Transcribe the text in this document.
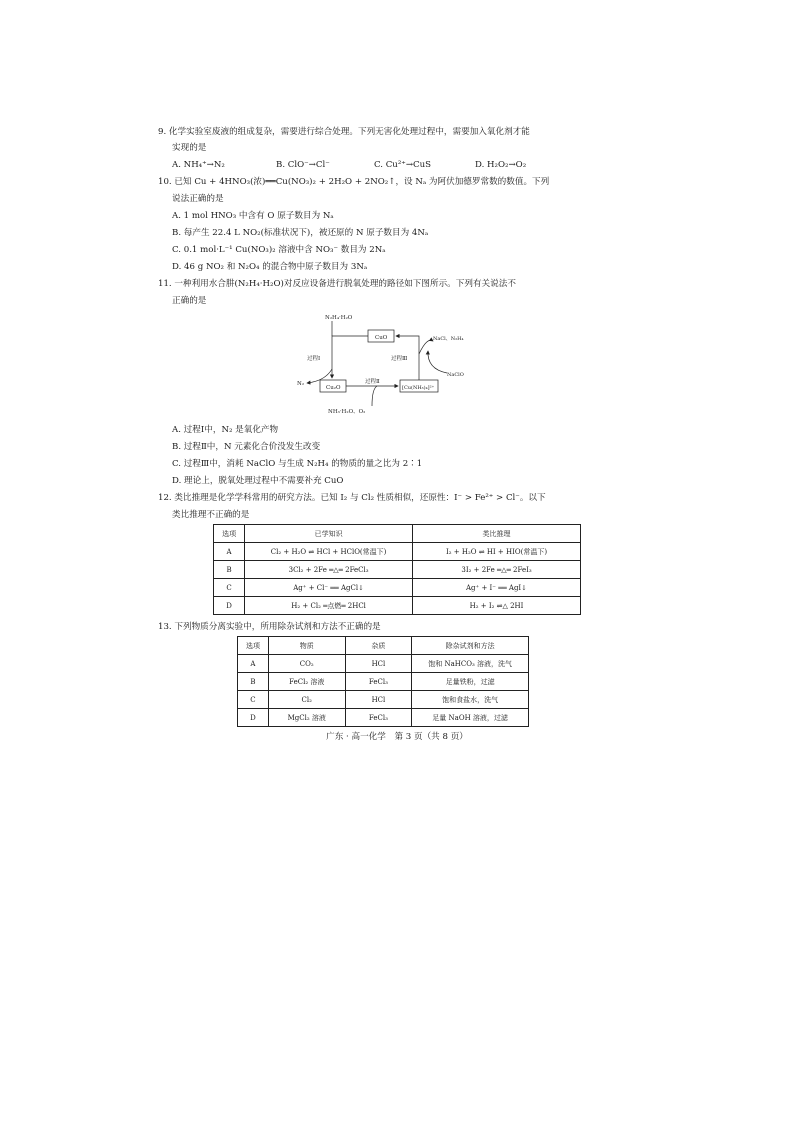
9. 化学实验室废液的组成复杂，需要进行综合处理。下列无害化处理过程中，需要加入氧化剂才能
实现的是
A. NH₄⁺→N₂	B. ClO⁻→Cl⁻	C. Cu²⁺→CuS	D. H₂O₂→O₂
10. 已知 Cu + 4HNO₃(浓)══Cu(NO₃)₂ + 2H₂O + 2NO₂↑，设 Nₐ 为阿伏加德罗常数的数值。下列
说法正确的是
A. 1 mol HNO₃ 中含有 O 原子数目为 Nₐ
B. 每产生 22.4 L NO₂(标准状况下)，被还原的 N 原子数目为 4Nₐ
C. 0.1 mol·L⁻¹ Cu(NO₃)₂ 溶液中含 NO₃⁻ 数目为 2Nₐ
D. 46 g NO₂ 和 N₂O₄ 的混合物中原子数目为 3Nₐ
11. 一种利用水合肼(N₂H₄·H₂O)对反应设备进行脱氧处理的路径如下图所示。下列有关说法不
正确的是
N₂H₄·H₂O
CuO
Cu₂O	[Cu(NH₃)₄]²⁺
N₂
NH₃·H₂O、O₂
NaCl、N₂H₄
NaClO
过程Ⅰ
过程Ⅱ
过程Ⅲ
A. 过程Ⅰ中，N₂ 是氧化产物
B. 过程Ⅱ中，N 元素化合价没发生改变
C. 过程Ⅲ中，消耗 NaClO 与生成 N₂H₄ 的物质的量之比为 2∶1
D. 理论上，脱氧处理过程中不需要补充 CuO
12. 类比推理是化学学科常用的研究方法。已知 I₂ 与 Cl₂ 性质相似，还原性：I⁻ > Fe²⁺ > Cl⁻。以下
类比推理不正确的是
选项	已学知识	类比推理
A	Cl₂ + H₂O ⇌ HCl + HClO(常温下)	I₂ + H₂O ⇌ HI + HIO(常温下)
B	3Cl₂ + 2Fe ═△═ 2FeCl₃	3I₂ + 2Fe ═△═ 2FeI₃
C	Ag⁺ + Cl⁻ ══ AgCl↓	Ag⁺ + I⁻ ══ AgI↓
D	H₂ + Cl₂ ═点燃═ 2HCl	H₂ + I₂ ⇌△ 2HI
13. 下列物质分离实验中，所用除杂试剂和方法不正确的是
选项	物质	杂质	除杂试剂和方法
A	CO₂	HCl	饱和 NaHCO₃ 溶液，洗气
B	FeCl₂ 溶液	FeCl₃	足量铁粉，过滤
C	Cl₂	HCl	饱和食盐水，洗气
D	MgCl₂ 溶液	FeCl₃	足量 NaOH 溶液，过滤
广东 · 高一化学　第 3 页（共 8 页）
